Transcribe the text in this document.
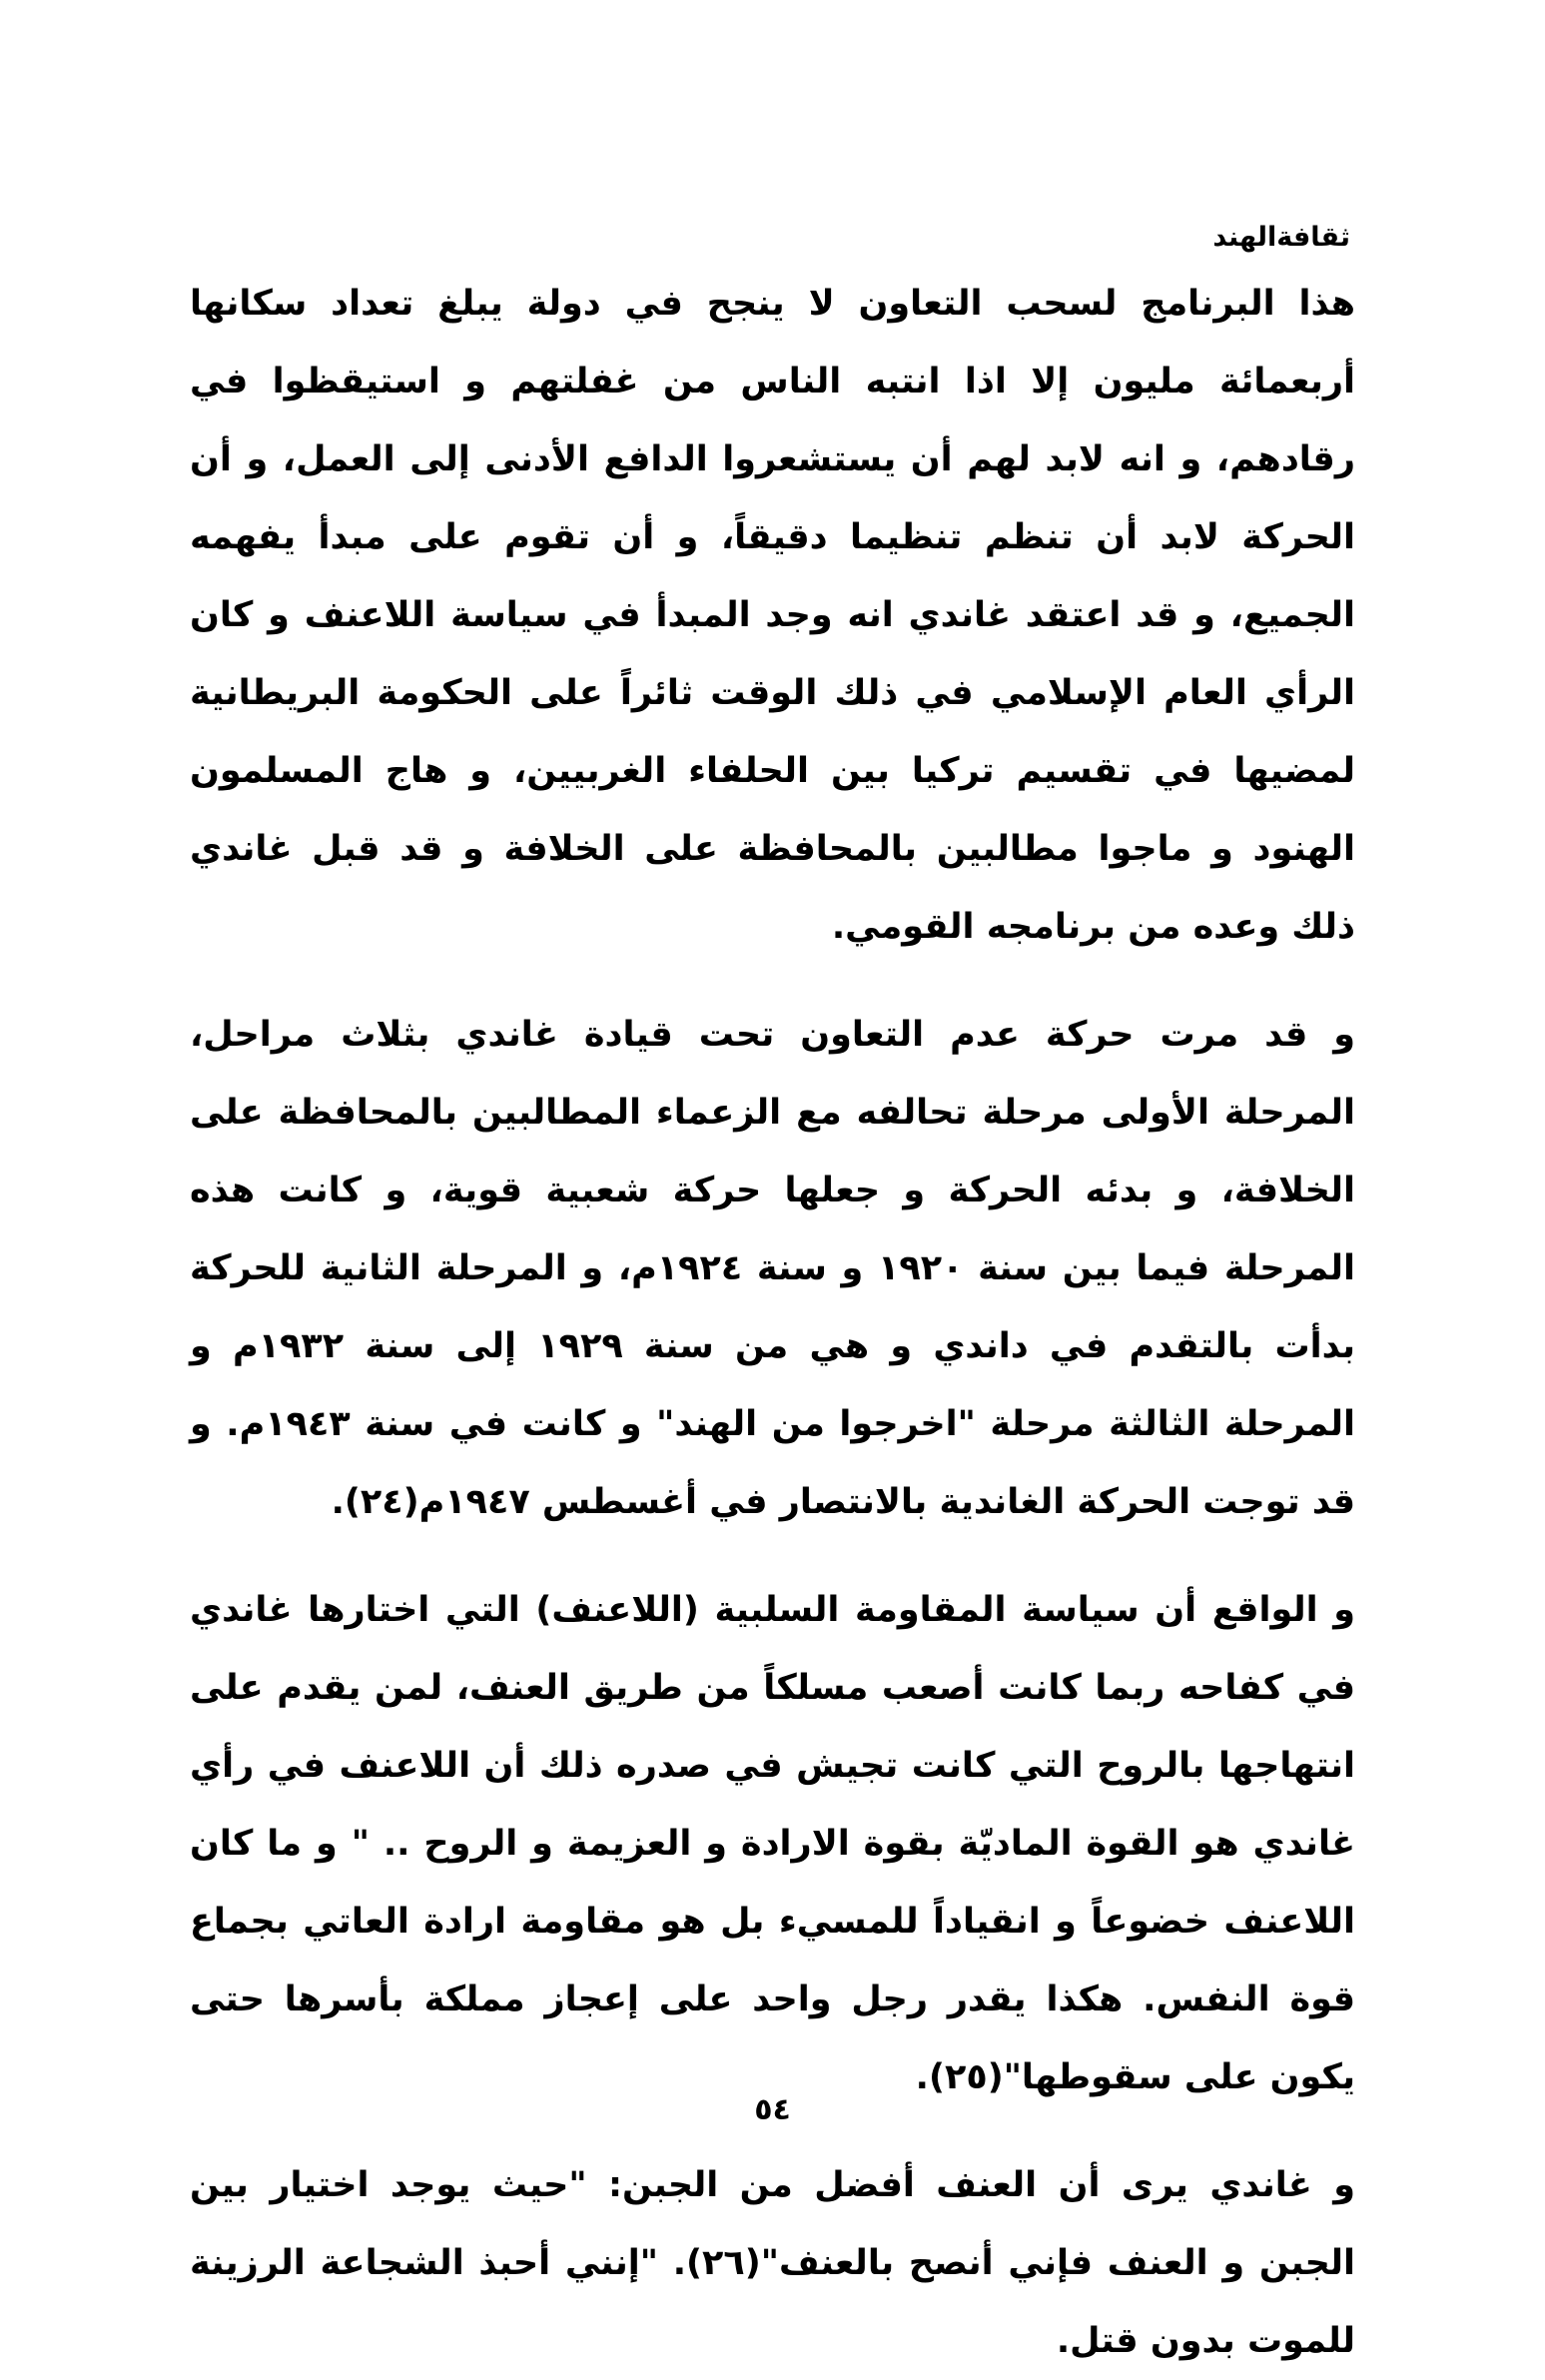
ثقافةالهند

هذا البرنامج لسحب التعاون لا ينجح في دولة يبلغ تعداد سكانها أربعمائة مليون إلا اذا انتبه الناس من غفلتهم و استيقظوا في رقادهم، و انه لابد لهم أن يستشعروا الدافع الأدنى إلى العمل، و أن الحركة لابد أن تنظم تنظيما دقيقاً، و أن تقوم على مبدأ يفهمه الجميع، و قد اعتقد غاندي انه وجد المبدأ في سياسة اللاعنف و كان الرأي العام الإسلامي في ذلك الوقت ثائراً على الحكومة البريطانية لمضيها في تقسيم تركيا بين الحلفاء الغربيين، و هاج المسلمون الهنود و ماجوا مطالبين بالمحافظة على الخلافة و قد قبل غاندي ذلك وعده من برنامجه القومي.

و قد مرت حركة عدم التعاون تحت قيادة غاندي بثلاث مراحل، المرحلة الأولى مرحلة تحالفه مع الزعماء المطالبين بالمحافظة على الخلافة، و بدئه الحركة و جعلها حركة شعبية قوية، و كانت هذه المرحلة فيما بين سنة ١٩٢٠ و سنة ١٩٢٤م، و المرحلة الثانية للحركة بدأت بالتقدم في داندي و هي من سنة ١٩٢٩ إلى سنة ١٩٣٢م و المرحلة الثالثة مرحلة "اخرجوا من الهند" و كانت في سنة ١٩٤٣م. و قد توجت الحركة الغاندية بالانتصار في أغسطس ١٩٤٧م(٢٤).

و الواقع أن سياسة المقاومة السلبية (اللاعنف) التي اختارها غاندي في كفاحه ربما كانت أصعب مسلكاً من طريق العنف، لمن يقدم على انتهاجها بالروح التي كانت تجيش في صدره ذلك أن اللاعنف في رأي غاندي هو القوة الماديّة بقوة الارادة و العزيمة و الروح .. " و ما كان اللاعنف خضوعاً و انقياداً للمسيء بل هو مقاومة ارادة العاتي بجماع قوة النفس. هكذا يقدر رجل واحد على إعجاز مملكة بأسرها حتى يكون على سقوطها"(٢٥).

و غاندي يرى أن العنف أفضل من الجبن: "حيث يوجد اختيار بين الجبن و العنف فإني أنصح بالعنف"(٢٦). "إنني أحبذ الشجاعة الرزينة للموت بدون قتل.

٥٤
